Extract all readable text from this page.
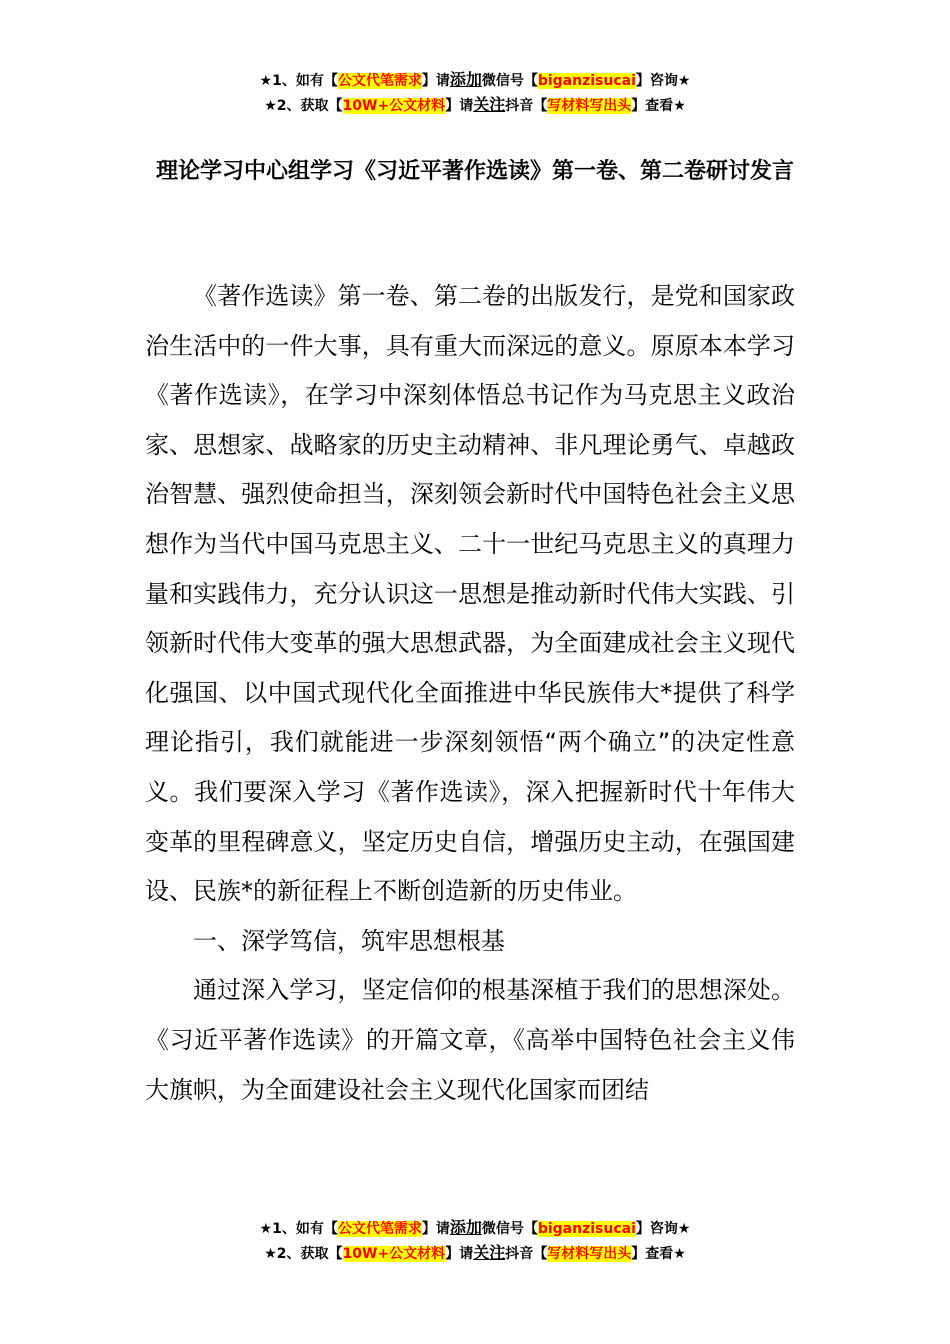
★1、如有【公文代笔需求】请添加微信号【biganzisucai】咨询★
★2、获取【10W+公文材料】请关注抖音【写材料写出头】查看★
理论学习中心组学习《习近平著作选读》第一卷、第二卷研讨发言

《著作选读》第一卷、第二卷的出版发行，是党和国家政治生活中的一件大事，具有重大而深远的意义。原原本本学习《著作选读》，在学习中深刻体悟总书记作为马克思主义政治家、思想家、战略家的历史主动精神、非凡理论勇气、卓越政治智慧、强烈使命担当，深刻领会新时代中国特色社会主义思想作为当代中国马克思主义、二十一世纪马克思主义的真理力量和实践伟力，充分认识这一思想是推动新时代伟大实践、引领新时代伟大变革的强大思想武器，为全面建成社会主义现代化强国、以中国式现代化全面推进中华民族伟大*提供了科学理论指引，我们就能进一步深刻领悟“两个确立”的决定性意义。我们要深入学习《著作选读》，深入把握新时代十年伟大变革的里程碑意义，坚定历史自信，增强历史主动，在强国建设、民族*的新征程上不断创造新的历史伟业。

一、深学笃信，筑牢思想根基

通过深入学习，坚定信仰的根基深植于我们的思想深处。《习近平著作选读》的开篇文章，《高举中国特色社会主义伟大旗帜，为全面建设社会主义现代化国家而团结

★1、如有【公文代笔需求】请添加微信号【biganzisucai】咨询★
★2、获取【10W+公文材料】请关注抖音【写材料写出头】查看★
